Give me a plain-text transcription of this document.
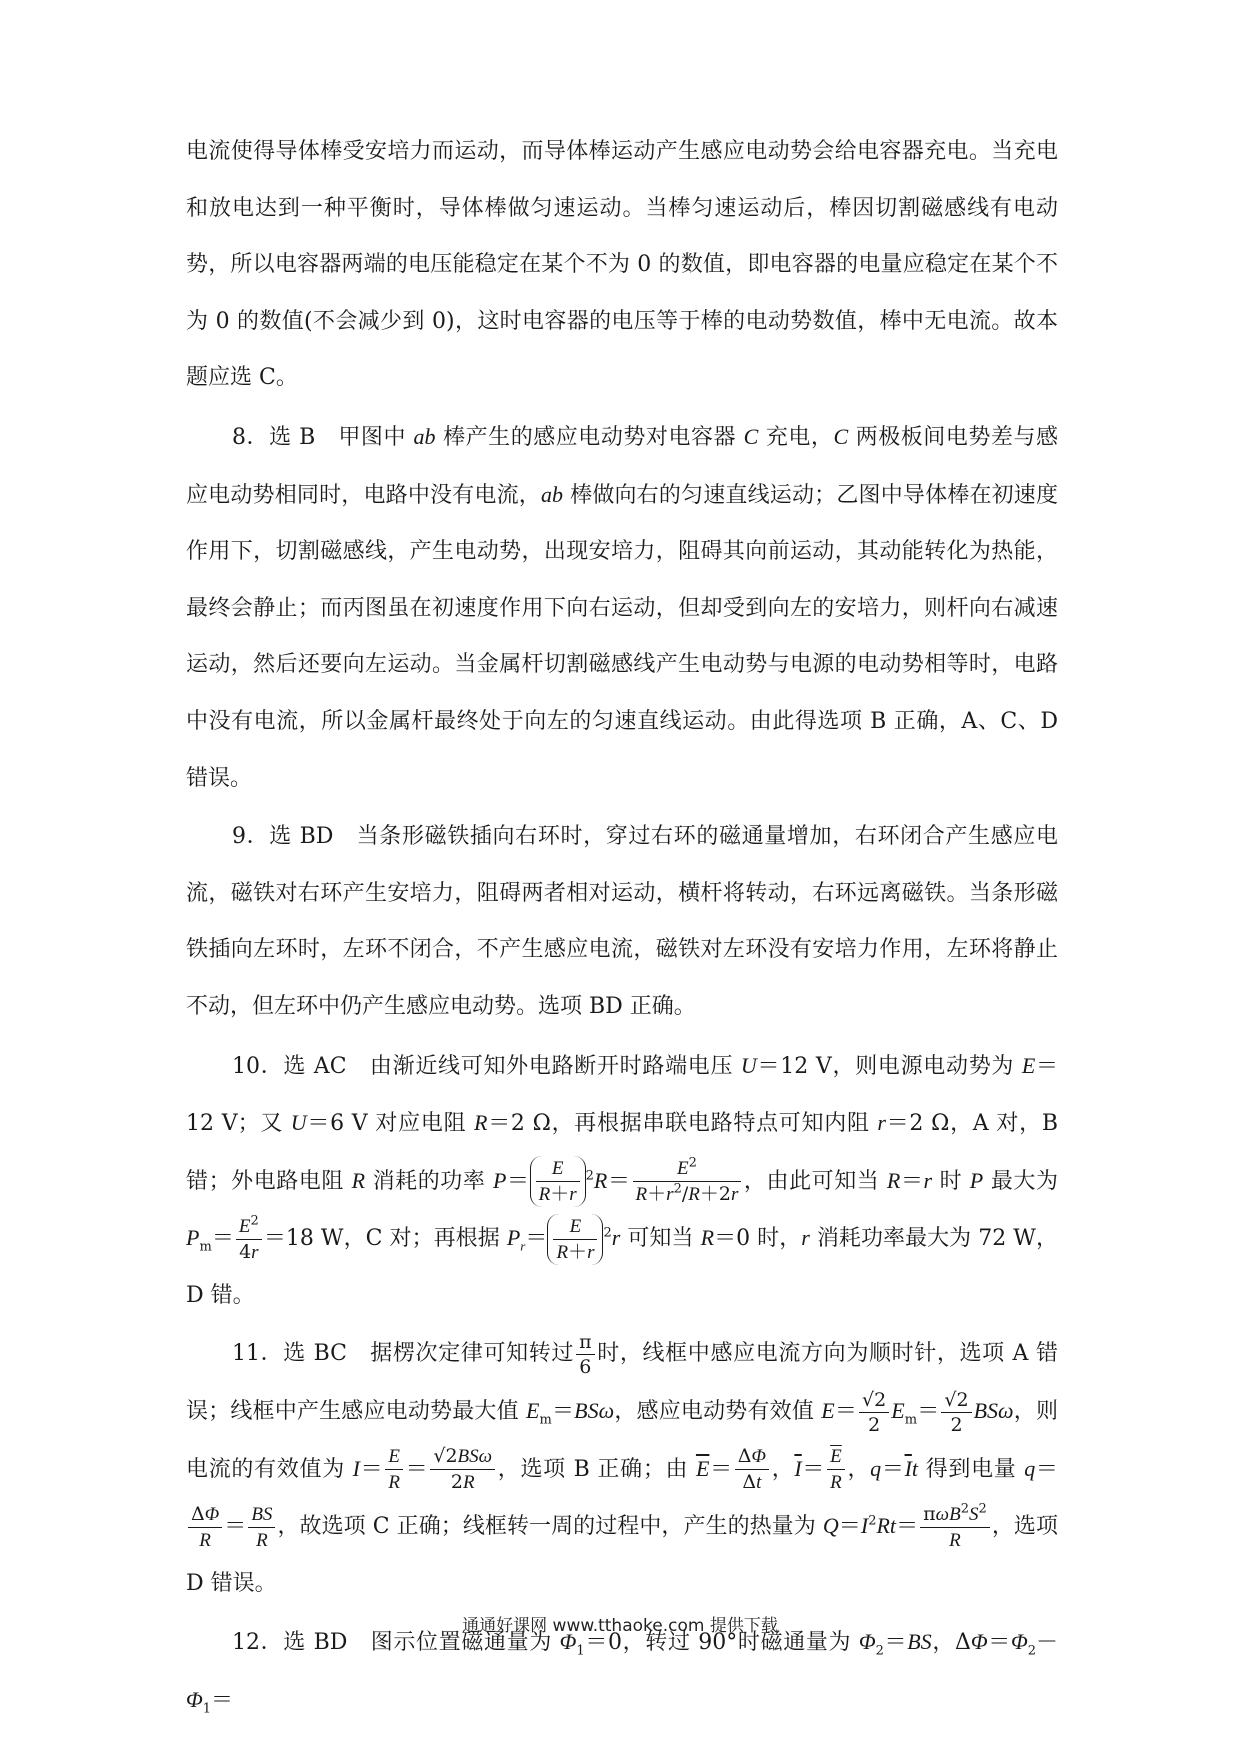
电流使得导体棒受安培力而运动，而导体棒运动产生感应电动势会给电容器充电。当充电和放电达到一种平衡时，导体棒做匀速运动。当棒匀速运动后，棒因切割磁感线有电动势，所以电容器两端的电压能稳定在某个不为 0 的数值，即电容器的电量应稳定在某个不为 0 的数值(不会减少到 0)，这时电容器的电压等于棒的电动势数值，棒中无电流。故本题应选 C。

8．选 B　甲图中 ab 棒产生的感应电动势对电容器 C 充电，C 两极板间电势差与感应电动势相同时，电路中没有电流，ab 棒做向右的匀速直线运动；乙图中导体棒在初速度作用下，切割磁感线，产生电动势，出现安培力，阻碍其向前运动，其动能转化为热能，最终会静止；而丙图虽在初速度作用下向右运动，但却受到向左的安培力，则杆向右减速运动，然后还要向左运动。当金属杆切割磁感线产生电动势与电源的电动势相等时，电路中没有电流，所以金属杆最终处于向左的匀速直线运动。由此得选项 B 正确，A、C、D 错误。

9．选 BD　当条形磁铁插向右环时，穿过右环的磁通量增加，右环闭合产生感应电流，磁铁对右环产生安培力，阻碍两者相对运动，横杆将转动，右环远离磁铁。当条形磁铁插向左环时，左环不闭合，不产生感应电流，磁铁对左环没有安培力作用，左环将静止不动，但左环中仍产生感应电动势。选项 BD 正确。

10．选 AC　由渐近线可知外电路断开时路端电压 U＝12 V，则电源电动势为 E＝12 V；又 U＝6 V 对应电阻 R＝2 Ω，再根据串联电路特点可知内阻 r＝2 Ω，A 对，B 错；外电路电阻 R 消耗的功率 $P= \frac{E}{R+r} ^2R= \frac{E^2}{R+r^2/R+2r}$ ，由此可知当 R＝r 时 P 最大为 $P_m= \frac{E^2}{4r} =18$ W，C 对；再根据 $P_r= \frac{E}{R+r} ^2r$ 可知当 R＝0 时，r 消耗功率最大为 72 W，D 错。

11．选 BC　据楞次定律可知转过 $\frac{\pi}{6}$ 时，线框中感应电流方向为顺时针，选项 A 错误；线框中产生感应电动势最大值 $E_m=BS\omega$，感应电动势有效值 $E= \frac{√2}{2} E_m= \frac{√2}{2}$ BSω，则电流的有效值为 $I= \frac{E}{R} = \frac{\text{√2BSω}}{2R}$ ，选项 B 正确；由 $\overline{E}= \frac{\Delta\Phi}{\Delta t}$ ，$\overline{I}= \frac{\overline{E}}{R}$ ，$q=\overline{I}t$ 得到电量 q＝
$\frac{\Delta\Phi}{R} = \frac{BS}{R}$ ，故选项 C 正确；线框转一周的过程中，产生的热量为 $Q=I^2Rt= \frac{\pi\omega B^2S^2}{R}$ ，选项 D 错误。

12．选 BD　图示位置磁通量为 $\Phi_1=0$，转过 90°时磁通量为 $\Phi_2=BS$，$\Delta\Phi=\Phi_2-\Phi_1=$

通通好课网 www.tthaoke.com 提供下载
